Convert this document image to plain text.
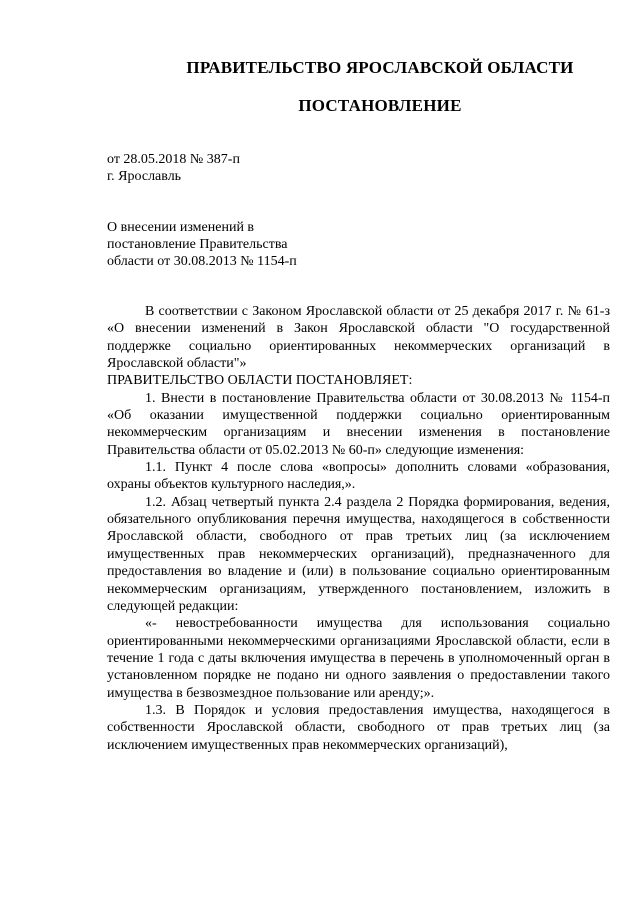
ПРАВИТЕЛЬСТВО ЯРОСЛАВСКОЙ ОБЛАСТИ
ПОСТАНОВЛЕНИЕ
от 28.05.2018 № 387-п
г. Ярославль
О внесении изменений в
постановление Правительства
области от 30.08.2013 № 1154-п

В соответствии с Законом Ярославской области от 25 декабря 2017 г. № 61-з «О внесении изменений в Закон Ярославской области "О государственной поддержке социально ориентированных некоммерческих организаций в Ярославской области"»

ПРАВИТЕЛЬСТВО ОБЛАСТИ ПОСТАНОВЛЯЕТ:

1. Внести в постановление Правительства области от 30.08.2013 № 1154-п «Об оказании имущественной поддержки социально ориентированным некоммерческим организациям и внесении изменения в постановление Правительства области от 05.02.2013 № 60-п» следующие изменения:

1.1. Пункт 4 после слова «вопросы» дополнить словами «образования, охраны объектов культурного наследия,».

1.2. Абзац четвертый пункта 2.4 раздела 2 Порядка формирования, ведения, обязательного опубликования перечня имущества, находящегося в собственности Ярославской области, свободного от прав третьих лиц (за исключением имущественных прав некоммерческих организаций), предназначенного для предоставления во владение и (или) в пользование социально ориентированным некоммерческим организациям, утвержденного постановлением, изложить в следующей редакции:

«- невостребованности имущества для использования социально ориентированными некоммерческими организациями Ярославской области, если в течение 1 года с даты включения имущества в перечень в уполномоченный орган в установленном порядке не подано ни одного заявления о предоставлении такого имущества в безвозмездное пользование или аренду;».

1.3. В Порядок и условия предоставления имущества, находящегося в собственности Ярославской области, свободного от прав третьих лиц (за исключением имущественных прав некоммерческих организаций),
